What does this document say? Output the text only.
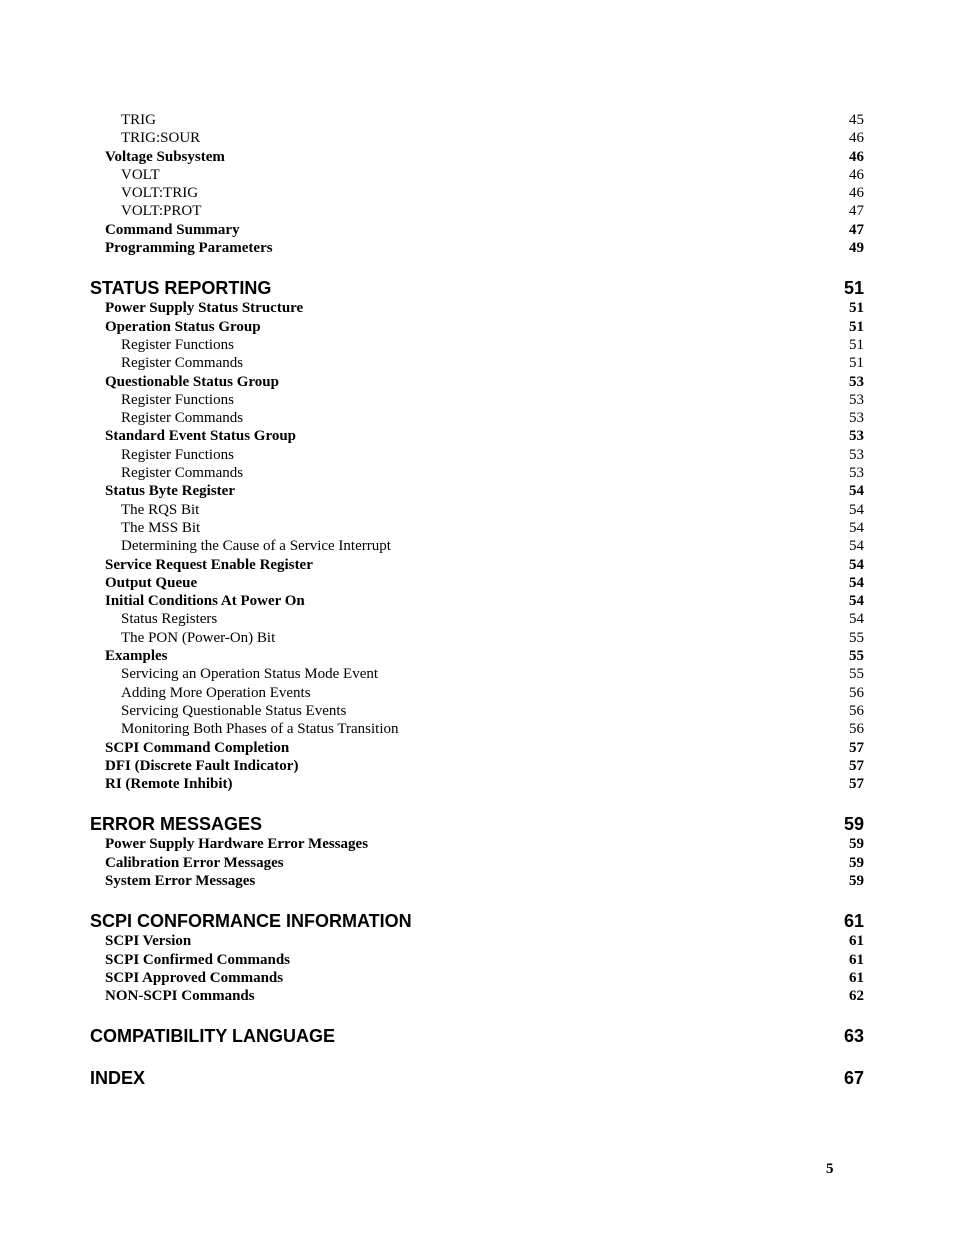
TRIG	45
TRIG:SOUR	46
Voltage Subsystem	46
VOLT	46
VOLT:TRIG	46
VOLT:PROT	47
Command Summary	47
Programming Parameters	49
STATUS REPORTING	51
Power Supply Status Structure	51
Operation Status Group	51
Register Functions	51
Register Commands	51
Questionable Status Group	53
Register Functions	53
Register Commands	53
Standard Event Status Group	53
Register Functions	53
Register Commands	53
Status Byte Register	54
The RQS Bit	54
The MSS Bit	54
Determining the Cause of a Service Interrupt	54
Service Request Enable Register	54
Output Queue	54
Initial Conditions At Power On	54
Status Registers	54
The PON (Power-On) Bit	55
Examples	55
Servicing an Operation Status Mode Event	55
Adding More Operation Events	56
Servicing Questionable Status Events	56
Monitoring Both Phases of a Status Transition	56
SCPI Command Completion	57
DFI (Discrete Fault Indicator)	57
RI (Remote Inhibit)	57
ERROR MESSAGES	59
Power Supply Hardware Error Messages	59
Calibration Error Messages	59
System Error Messages	59
SCPI CONFORMANCE INFORMATION	61
SCPI Version	61
SCPI Confirmed Commands	61
SCPI Approved Commands	61
NON-SCPI Commands	62
COMPATIBILITY LANGUAGE	63
INDEX	67
5
